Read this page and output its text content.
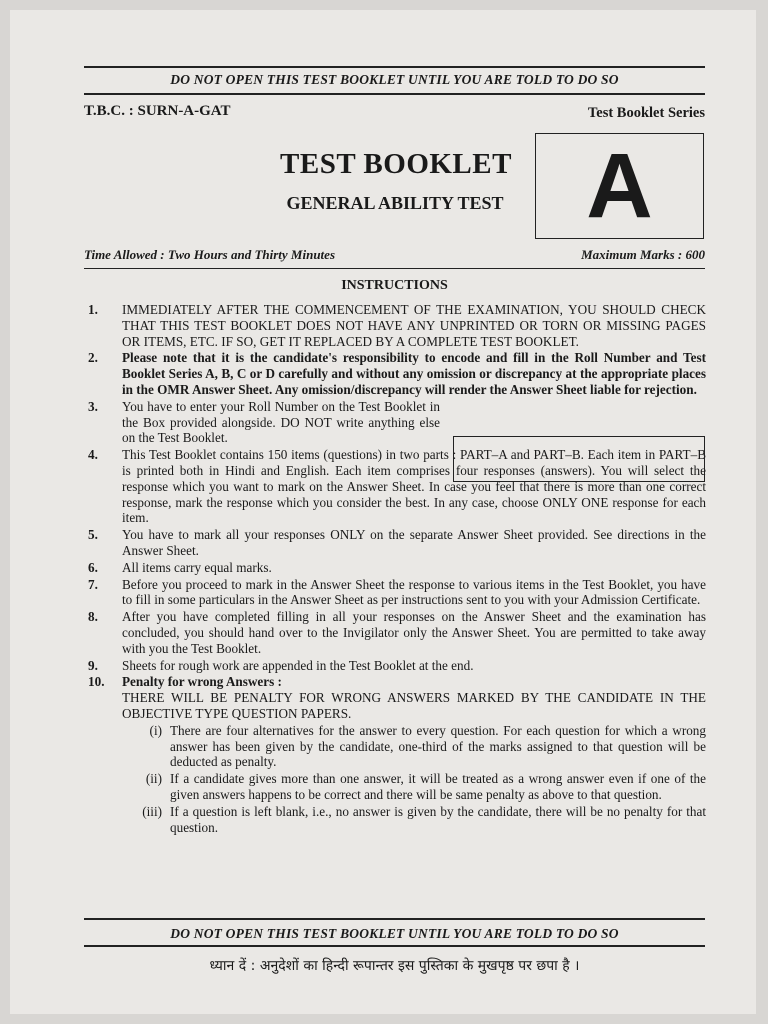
DO NOT OPEN THIS TEST BOOKLET UNTIL YOU ARE TOLD TO DO SO
T.B.C. : SURN-A-GAT	Test Booklet Series
TEST BOOKLET
GENERAL ABILITY TEST A
Time Allowed : Two Hours and Thirty Minutes	Maximum Marks : 600
INSTRUCTIONS
1.	IMMEDIATELY AFTER THE COMMENCEMENT OF THE EXAMINATION, YOU SHOULD CHECK THAT THIS TEST BOOKLET DOES NOT HAVE ANY UNPRINTED OR TORN OR MISSING PAGES OR ITEMS, ETC. IF SO, GET IT REPLACED BY A COMPLETE TEST BOOKLET.
2.	Please note that it is the candidate's responsibility to encode and fill in the Roll Number and Test Booklet Series A, B, C or D carefully and without any omission or discrepancy at the appropriate places in the OMR Answer Sheet. Any omission/discrepancy will render the Answer Sheet liable for rejection.
3.	You have to enter your Roll Number on the Test Booklet in the Box provided alongside. DO NOT write anything else on the Test Booklet.
4.	This Test Booklet contains 150 items (questions) in two parts : PART–A and PART–B. Each item in PART–B is printed both in Hindi and English. Each item comprises four responses (answers). You will select the response which you want to mark on the Answer Sheet. In case you feel that there is more than one correct response, mark the response which you consider the best. In any case, choose ONLY ONE response for each item.
5.	You have to mark all your responses ONLY on the separate Answer Sheet provided. See directions in the Answer Sheet.
6.	All items carry equal marks.
7.	Before you proceed to mark in the Answer Sheet the response to various items in the Test Booklet, you have to fill in some particulars in the Answer Sheet as per instructions sent to you with your Admission Certificate.
8.	After you have completed filling in all your responses on the Answer Sheet and the examination has concluded, you should hand over to the Invigilator only the Answer Sheet. You are permitted to take away with you the Test Booklet.
9.	Sheets for rough work are appended in the Test Booklet at the end.
10.	Penalty for wrong Answers :
THERE WILL BE PENALTY FOR WRONG ANSWERS MARKED BY THE CANDIDATE IN THE OBJECTIVE TYPE QUESTION PAPERS.
(i) There are four alternatives for the answer to every question. For each question for which a wrong answer has been given by the candidate, one-third of the marks assigned to that question will be deducted as penalty.
(ii) If a candidate gives more than one answer, it will be treated as a wrong answer even if one of the given answers happens to be correct and there will be same penalty as above to that question.
(iii) If a question is left blank, i.e., no answer is given by the candidate, there will be no penalty for that question.
DO NOT OPEN THIS TEST BOOKLET UNTIL YOU ARE TOLD TO DO SO
ध्यान दें : अनुदेशों का हिन्दी रूपान्तर इस पुस्तिका के मुखपृष्ठ पर छपा है ।
